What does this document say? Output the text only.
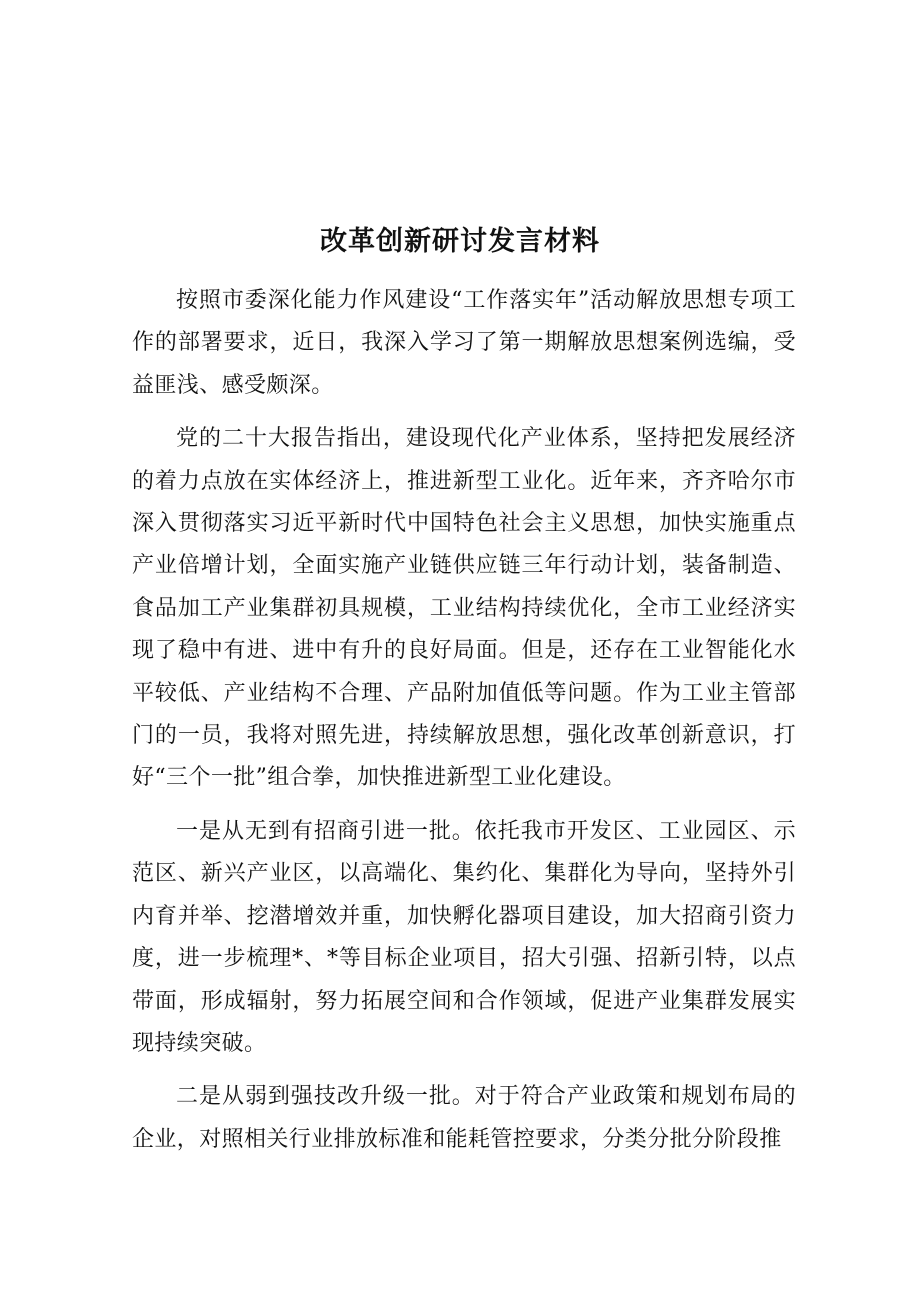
改革创新研讨发言材料

按照市委深化能力作风建设“工作落实年”活动解放思想专项工作的部署要求，近日，我深入学习了第一期解放思想案例选编，受益匪浅、感受颇深。

党的二十大报告指出，建设现代化产业体系，坚持把发展经济的着力点放在实体经济上，推进新型工业化。近年来，齐齐哈尔市深入贯彻落实习近平新时代中国特色社会主义思想，加快实施重点产业倍增计划，全面实施产业链供应链三年行动计划，装备制造、食品加工产业集群初具规模，工业结构持续优化，全市工业经济实现了稳中有进、进中有升的良好局面。但是，还存在工业智能化水平较低、产业结构不合理、产品附加值低等问题。作为工业主管部门的一员，我将对照先进，持续解放思想，强化改革创新意识，打好“三个一批”组合拳，加快推进新型工业化建设。

一是从无到有招商引进一批。依托我市开发区、工业园区、示范区、新兴产业区，以高端化、集约化、集群化为导向，坚持外引内育并举、挖潜增效并重，加快孵化器项目建设，加大招商引资力度，进一步梳理*、*等目标企业项目，招大引强、招新引特，以点带面，形成辐射，努力拓展空间和合作领域，促进产业集群发展实现持续突破。

二是从弱到强技改升级一批。对于符合产业政策和规划布局的企业，对照相关行业排放标准和能耗管控要求，分类分批分阶段推
